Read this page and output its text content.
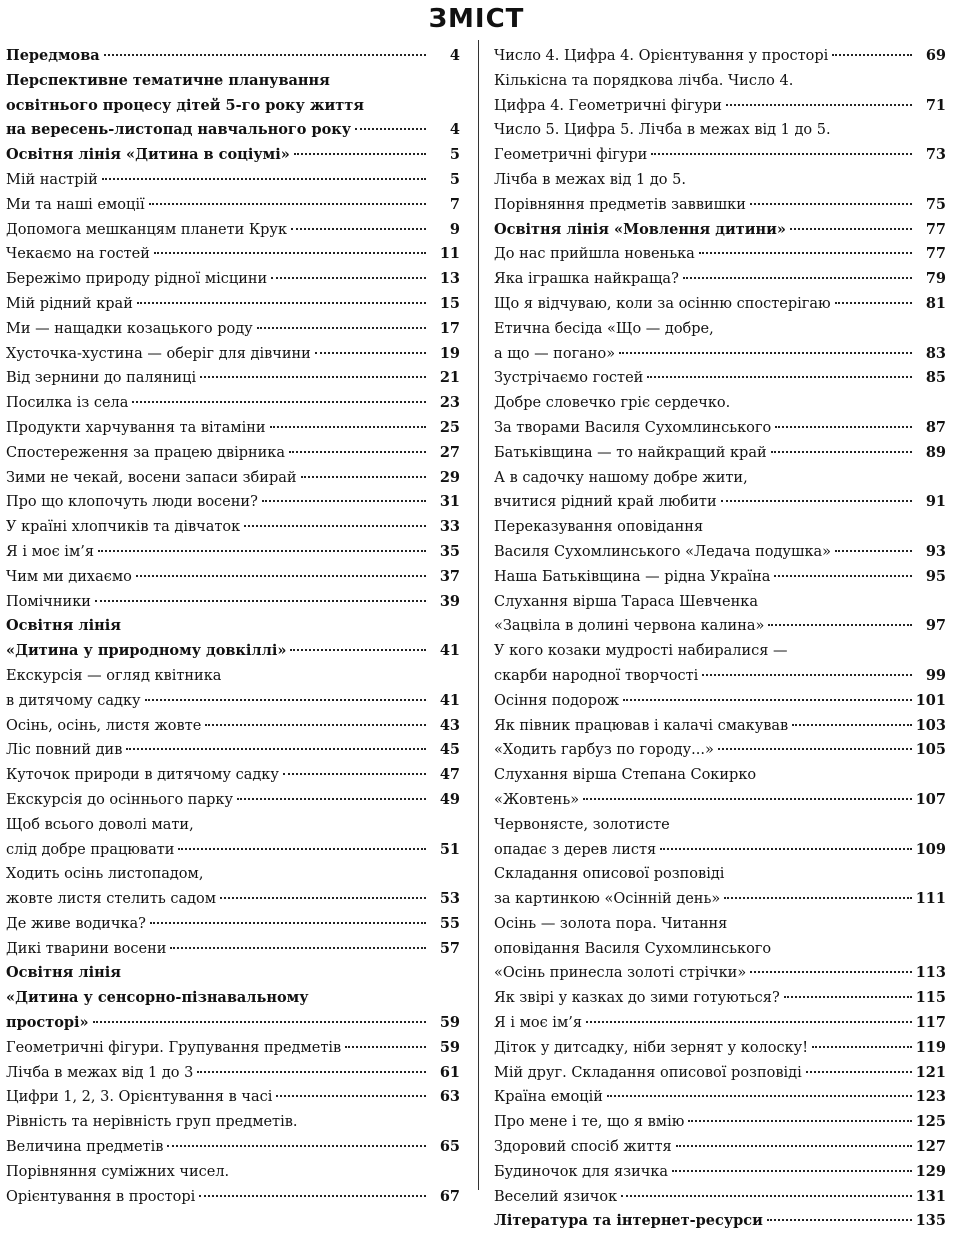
ЗМІСТ
Передмова	4
Перспективне тематичне планування
освітнього процесу дітей 5-го року життя
на вересень-листопад навчального року	4
Освітня лінія «Дитина в соціумі»	5
Мій настрій	5
Ми та наші емоції	7
Допомога мешканцям планети Крук	9
Чекаємо на гостей	11
Бережімо природу рідної місцини	13
Мій рідний край	15
Ми — нащадки козацького роду	17
Хусточка-хустина — оберіг для дівчини	19
Від зернини до паляниці	21
Посилка із села	23
Продукти харчування та вітаміни	25
Спостереження за працею двірника	27
Зими не чекай, восени запаси збирай	29
Про що клопочуть люди восени?	31
У країні хлопчиків та дівчаток	33
Я і моє ім’я	35
Чим ми дихаємо	37
Помічники	39
Освітня лінія
«Дитина у природному довкіллі»	41
Екскурсія — огляд квітника
в дитячому садку	41
Осінь, осінь, листя жовте	43
Ліс повний див	45
Куточок природи в дитячому садку	47
Екскурсія до осіннього парку	49
Щоб всього доволі мати,
слід добре працювати	51
Ходить осінь листопадом,
жовте листя стелить садом	53
Де живе водичка?	55
Дикі тварини восени	57
Освітня лінія
«Дитина у сенсорно-пізнавальному
просторі»	59
Геометричні фігури. Групування предметів	59
Лічба в межах від 1 до 3	61
Цифри 1, 2, 3. Орієнтування в часі	63
Рівність та нерівність груп предметів.
Величина предметів	65
Порівняння суміжних чисел.
Орієнтування в просторі	67
Число 4. Цифра 4. Орієнтування у просторі	69
Кількісна та порядкова лічба. Число 4.
Цифра 4. Геометричні фігури	71
Число 5. Цифра 5. Лічба в межах від 1 до 5.
Геометричні фігури	73
Лічба в межах від 1 до 5.
Порівняння предметів заввишки	75
Освітня лінія «Мовлення дитини»	77
До нас прийшла новенька	77
Яка іграшка найкраща?	79
Що я відчуваю, коли за осінню спостерігаю	81
Етична бесіда «Що — добре,
а що — погано»	83
Зустрічаємо гостей	85
Добре словечко гріє сердечко.
За творами Василя Сухомлинського	87
Батьківщина — то найкращий край	89
А в садочку нашому добре жити,
вчитися рідний край любити	91
Переказування оповідання
Василя Сухомлинського «Ледача подушка»	93
Наша Батьківщина — рідна Україна	95
Слухання вірша Тараса Шевченка
«Зацвіла в долині червона калина»	97
У кого козаки мудрості набиралися —
скарби народної творчості	99
Осіння подорож	101
Як півник працював і калачі смакував	103
«Ходить гарбуз по городу...»	105
Слухання вірша Степана Сокирко
«Жовтень»	107
Червонясте, золотисте
опадає з дерев листя	109
Складання описової розповіді
за картинкою «Осінній день»	111
Осінь — золота пора. Читання
оповідання Василя Сухомлинського
«Осінь принесла золоті стрічки»	113
Як звірі у казках до зими готуються?	115
Я і моє ім’я	117
Діток у дитсадку, ніби зернят у колоску!	119
Мій друг. Складання описової розповіді	121
Країна емоцій	123
Про мене і те, що я вмію	125
Здоровий спосіб життя	127
Будиночок для язичка	129
Веселий язичок	131
Література та інтернет-ресурси	135
